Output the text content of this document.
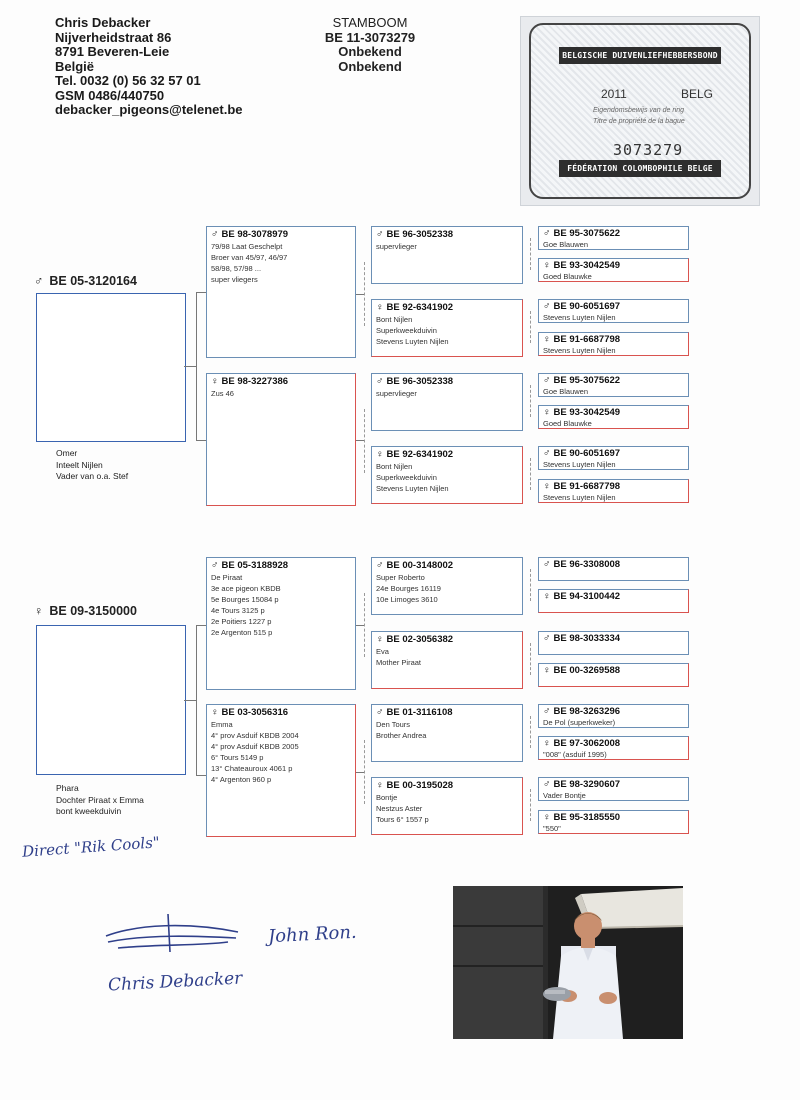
Chris Debacker
Nijverheidstraat 86
8791 Beveren-Leie
België
Tel. 0032 (0) 56 32 57 01
GSM 0486/440750
debacker_pigeons@telenet.be
STAMBOOM
BE 11-3073279
Onbekend
Onbekend
BELGISCHE DUIVENLIEFHEBBERSBOND
2011	BELG
Eigendomsbewijs van de ring
Titre de propriété de la bague
3073279
FÉDÉRATION COLOMBOPHILE BELGE
♂ BE 05-3120164
Omer
Inteelt Nijlen
Vader van o.a. Stef
♂ BE 98-3078979
79/98 Laat Geschelpt
Broer van 45/97, 46/97
58/98, 57/98 ...
super vliegers
♀ BE 98-3227386
Zus 46
♂ BE 96-3052338
supervlieger
♀ BE 92-6341902
Bont Nijlen
Superkweekduivin
Stevens Luyten Nijlen
♂ BE 96-3052338
supervlieger
♀ BE 92-6341902
Bont Nijlen
Superkweekduivin
Stevens Luyten Nijlen
♂ BE 95-3075622
Goe Blauwen
♀ BE 93-3042549
Goed Blauwke
♂ BE 90-6051697
Stevens Luyten Nijlen
♀ BE 91-6687798
Stevens Luyten Nijlen
♂ BE 95-3075622
Goe Blauwen
♀ BE 93-3042549
Goed Blauwke
♂ BE 90-6051697
Stevens Luyten Nijlen
♀ BE 91-6687798
Stevens Luyten Nijlen
♀ BE 09-3150000
Phara
Dochter Piraat x Emma
bont kweekduivin
♂ BE 05-3188928
De Piraat
3e ace pigeon KBDB
5e Bourges 15084 p
4e Tours 3125 p
2e Poitiers 1227 p
2e Argenton 515 p
♀ BE 03-3056316
Emma
4° prov Asduif KBDB 2004
4° prov Asduif KBDB 2005
6° Tours 5149 p
13° Chateauroux 4061 p
4° Argenton 960 p
♂ BE 00-3148002
Super Roberto
24e Bourges 16119
10e Limoges 3610
♀ BE 02-3056382
Eva
Mother Piraat
♂ BE 01-3116108
Den Tours
Brother Andrea
♀ BE 00-3195028
Bontje
Nestzus Aster
Tours 6° 1557 p
♂ BE 96-3308008
♀ BE 94-3100442
♂ BE 98-3033334
♀ BE 00-3269588
♂ BE 98-3263296
De Pol (superkweker)
♀ BE 97-3062008
"008" (asduif 1995)
♂ BE 98-3290607
Vader Bontje
♀ BE 95-3185550
"550"
Direct "Rik Cools"
John Ron.
Chris Debacker
